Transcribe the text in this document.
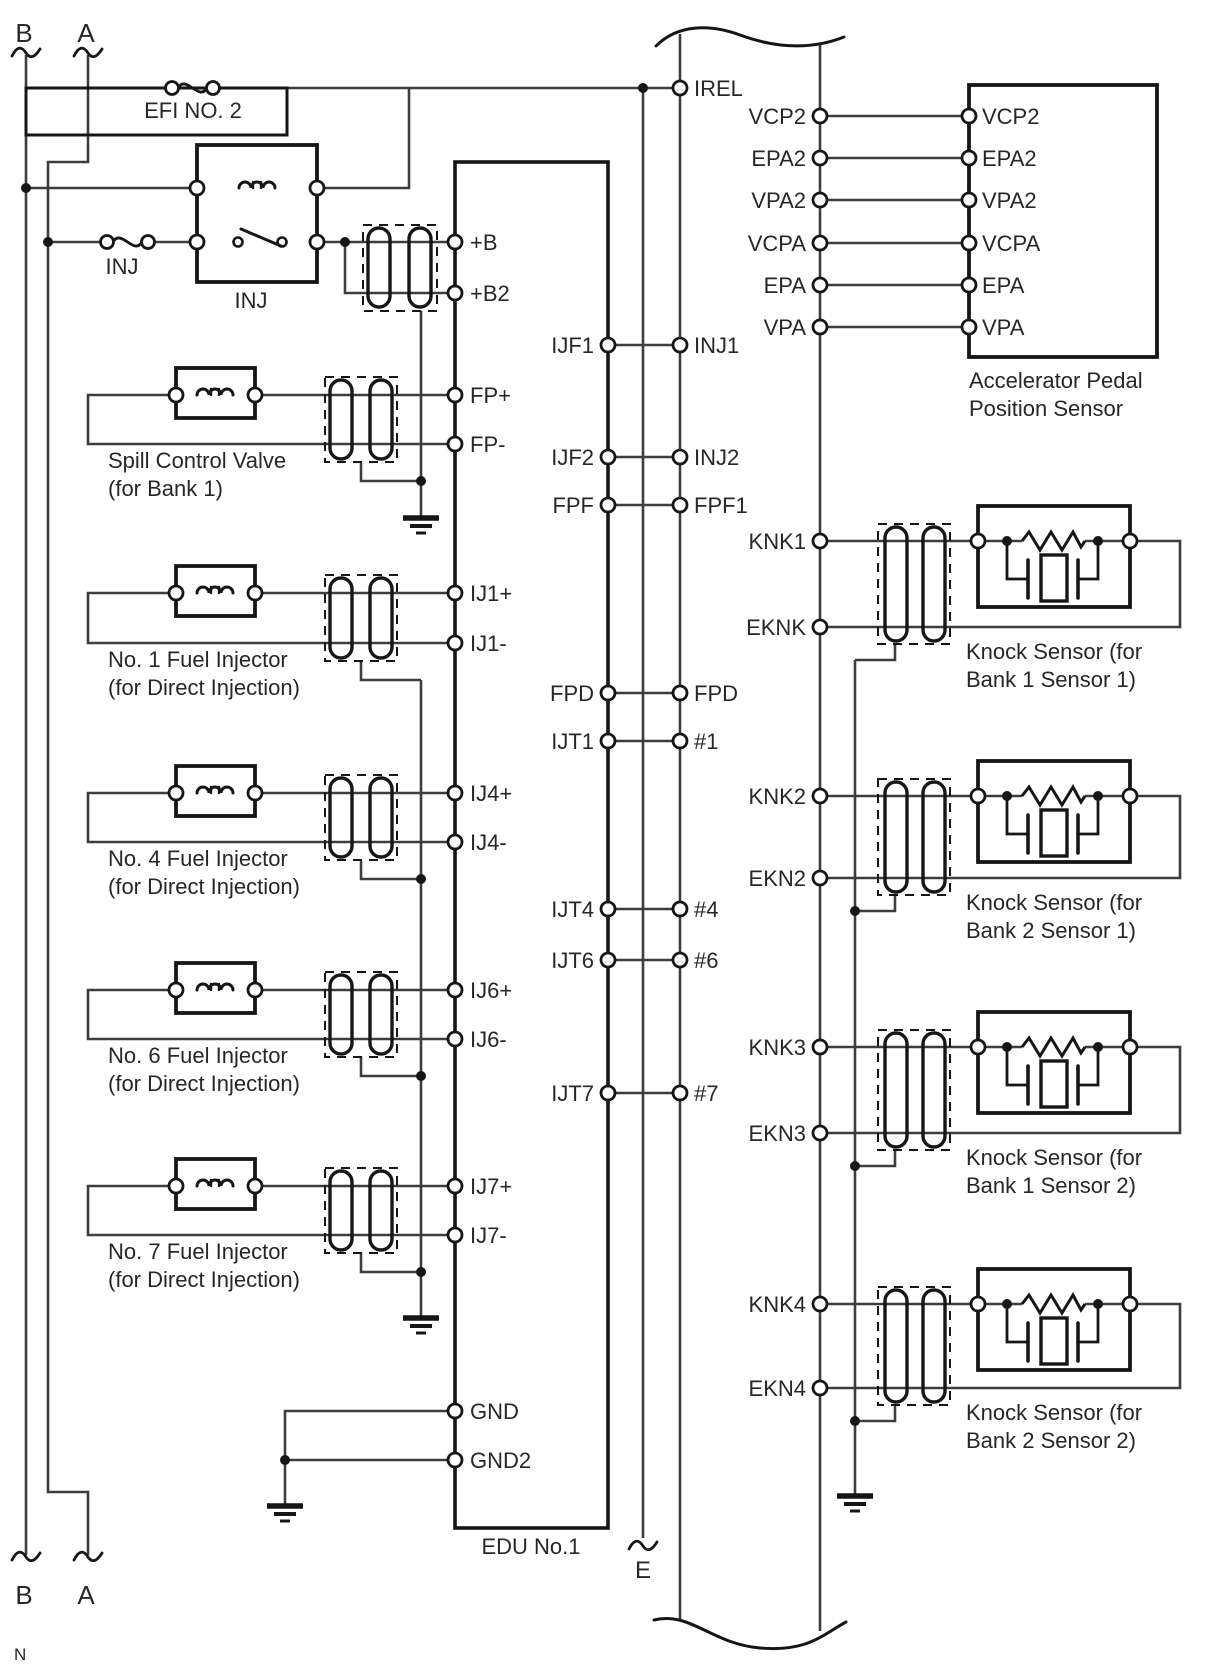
+B
+B2
FP+
FP-
IJ1+
IJ1-
IJ4+
IJ4-
IJ6+
IJ6-
IJ7+
IJ7-
GND
GND2
IJF1
IJF2
FPF
FPD
IJT1
IJT4
IJT6
IJT7
EDU No.1
IREL
INJ1
INJ2
FPF1
FPD
#1
#4
#6
#7
VCP2
EPA2
VPA2
VCPA
EPA
VPA
KNK1
EKNK
KNK2
EKN2
KNK3
EKN3
KNK4
EKN4
VCP2
EPA2
VPA2
VCPA
EPA
VPA
Accelerator Pedal
Position Sensor
Spill Control Valve
(for Bank 1)
No. 1 Fuel Injector
(for Direct Injection)
No. 4 Fuel Injector
(for Direct Injection)
No. 6 Fuel Injector
(for Direct Injection)
No. 7 Fuel Injector
(for Direct Injection)
Knock Sensor (for
Bank 1 Sensor 1)
Knock Sensor (for
Bank 2 Sensor 1)
Knock Sensor (for
Bank 1 Sensor 2)
Knock Sensor (for
Bank 2 Sensor 2)
B A
B A
E
N
EFI NO. 2
INJ
INJ
